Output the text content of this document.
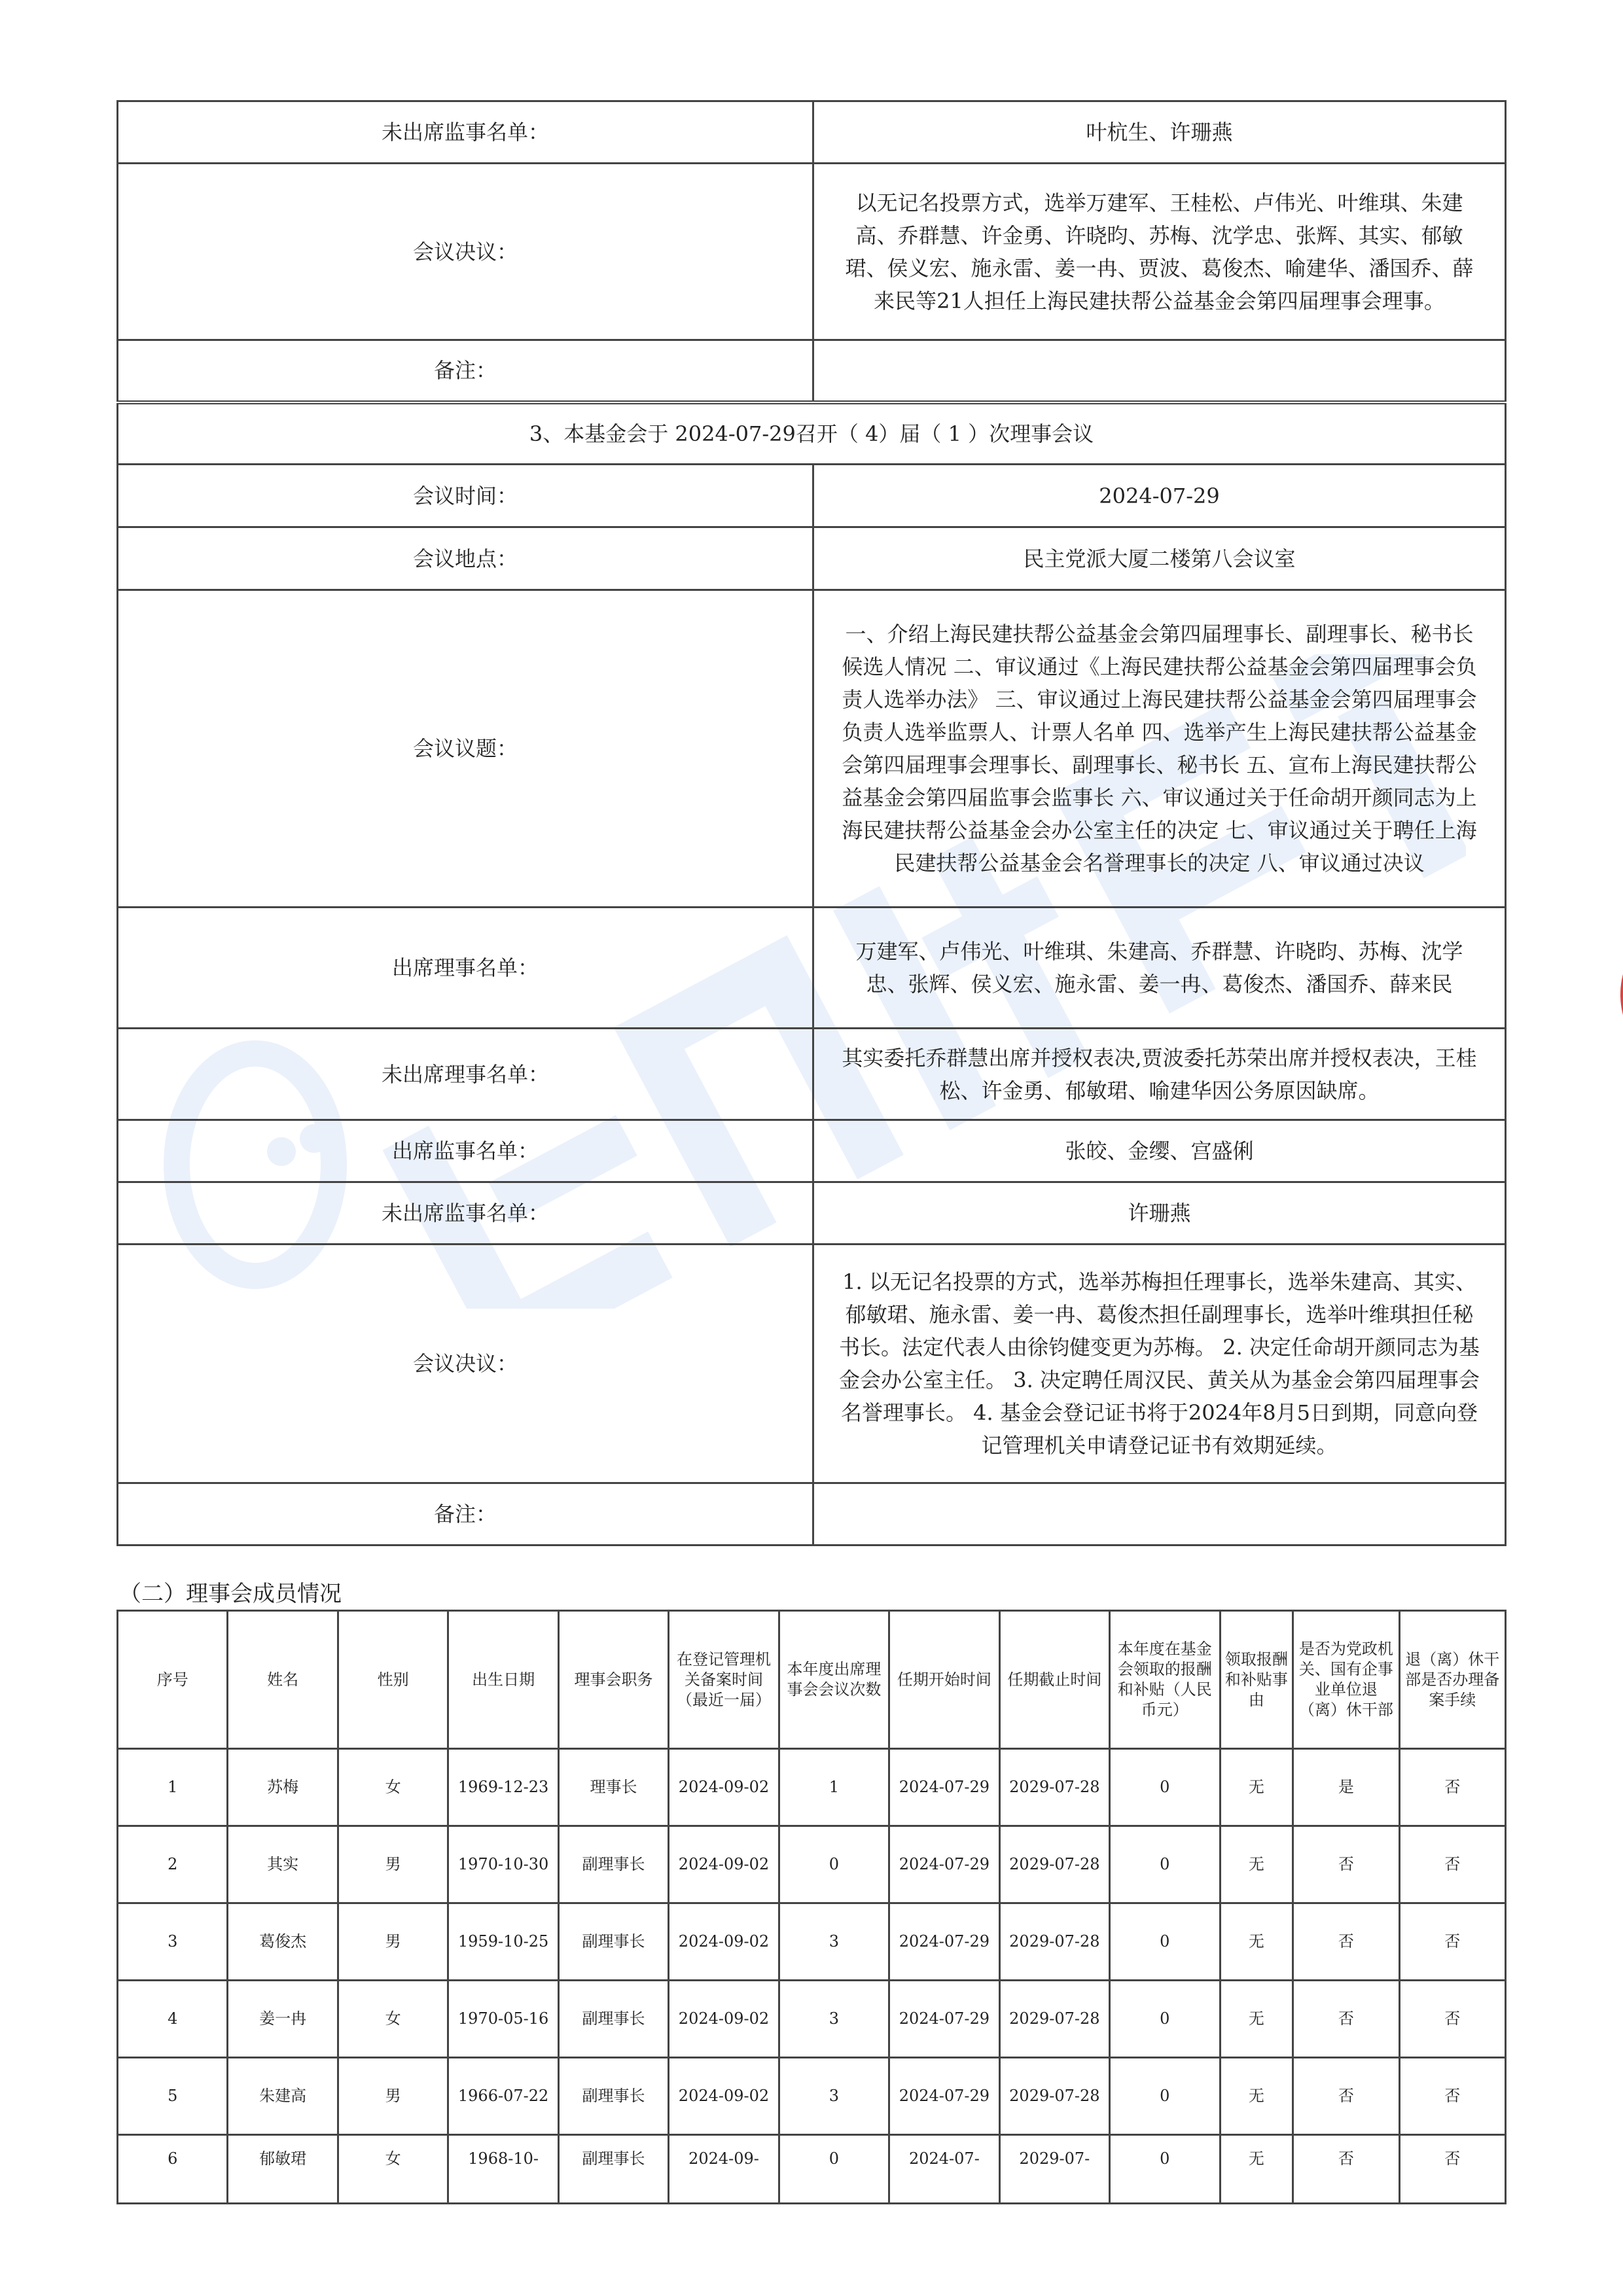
未出席监事名单：	叶杭生、许珊燕
会议决议：	以无记名投票方式，选举万建军、王桂松、卢伟光、叶维琪、朱建高、乔群慧、许金勇、许晓昀、苏梅、沈学忠、张辉、其实、郁敏珺、侯义宏、施永雷、姜一冉、贾波、葛俊杰、喻建华、潘国乔、薛来民等21人担任上海民建扶帮公益基金会第四届理事会理事。
备注：	
3、本基金会于 2024-07-29召开（ 4）届（ 1 ）次理事会议	
会议时间：	2024-07-29
会议地点：	民主党派大厦二楼第八会议室
会议议题：	一、介绍上海民建扶帮公益基金会第四届理事长、副理事长、秘书长候选人情况 二、审议通过《上海民建扶帮公益基金会第四届理事会负责人选举办法》 三、审议通过上海民建扶帮公益基金会第四届理事会负责人选举监票人、计票人名单 四、选举产生上海民建扶帮公益基金会第四届理事会理事长、副理事长、秘书长 五、宣布上海民建扶帮公益基金会第四届监事会监事长 六、审议通过关于任命胡开颜同志为上海民建扶帮公益基金会办公室主任的决定 七、审议通过关于聘任上海民建扶帮公益基金会名誉理事长的决定 八、审议通过决议
出席理事名单：	万建军、卢伟光、叶维琪、朱建高、乔群慧、许晓昀、苏梅、沈学忠、张辉、侯义宏、施永雷、姜一冉、葛俊杰、潘国乔、薛来民
未出席理事名单：	其实委托乔群慧出席并授权表决,贾波委托苏荣出席并授权表决，王桂松、许金勇、郁敏珺、喻建华因公务原因缺席。
出席监事名单：	张皎、金缨、宫盛俐
未出席监事名单：	许珊燕
会议决议：	1. 以无记名投票的方式，选举苏梅担任理事长，选举朱建高、其实、郁敏珺、施永雷、姜一冉、葛俊杰担任副理事长，选举叶维琪担任秘书长。法定代表人由徐钧健变更为苏梅。 2. 决定任命胡开颜同志为基金会办公室主任。 3. 决定聘任周汉民、黄关从为基金会第四届理事会名誉理事长。 4. 基金会登记证书将于2024年8月5日到期，同意向登记管理机关申请登记证书有效期延续。
备注：	
（二）理事会成员情况
序号	姓名	性别	出生日期	理事会职务	在登记管理机关备案时间（最近一届）	本年度出席理事会会议次数	任期开始时间	任期截止时间	本年度在基金会领取的报酬和补贴（人民币元）	领取报酬和补贴事由	是否为党政机关、国有企事业单位退（离）休干部	退（离）休干部是否办理备案手续
1	苏梅	女	1969-12-23	理事长	2024-09-02	1	2024-07-29	2029-07-28	0	无	是	否
2	其实	男	1970-10-30	副理事长	2024-09-02	0	2024-07-29	2029-07-28	0	无	否	否
3	葛俊杰	男	1959-10-25	副理事长	2024-09-02	3	2024-07-29	2029-07-28	0	无	否	否
4	姜一冉	女	1970-05-16	副理事长	2024-09-02	3	2024-07-29	2029-07-28	0	无	否	否
5	朱建高	男	1966-07-22	副理事长	2024-09-02	3	2024-07-29	2029-07-28	0	无	否	否
6	郁敏珺	女	1968-10-	副理事长	2024-09-	0	2024-07-	2029-07-	0	无	否	否
